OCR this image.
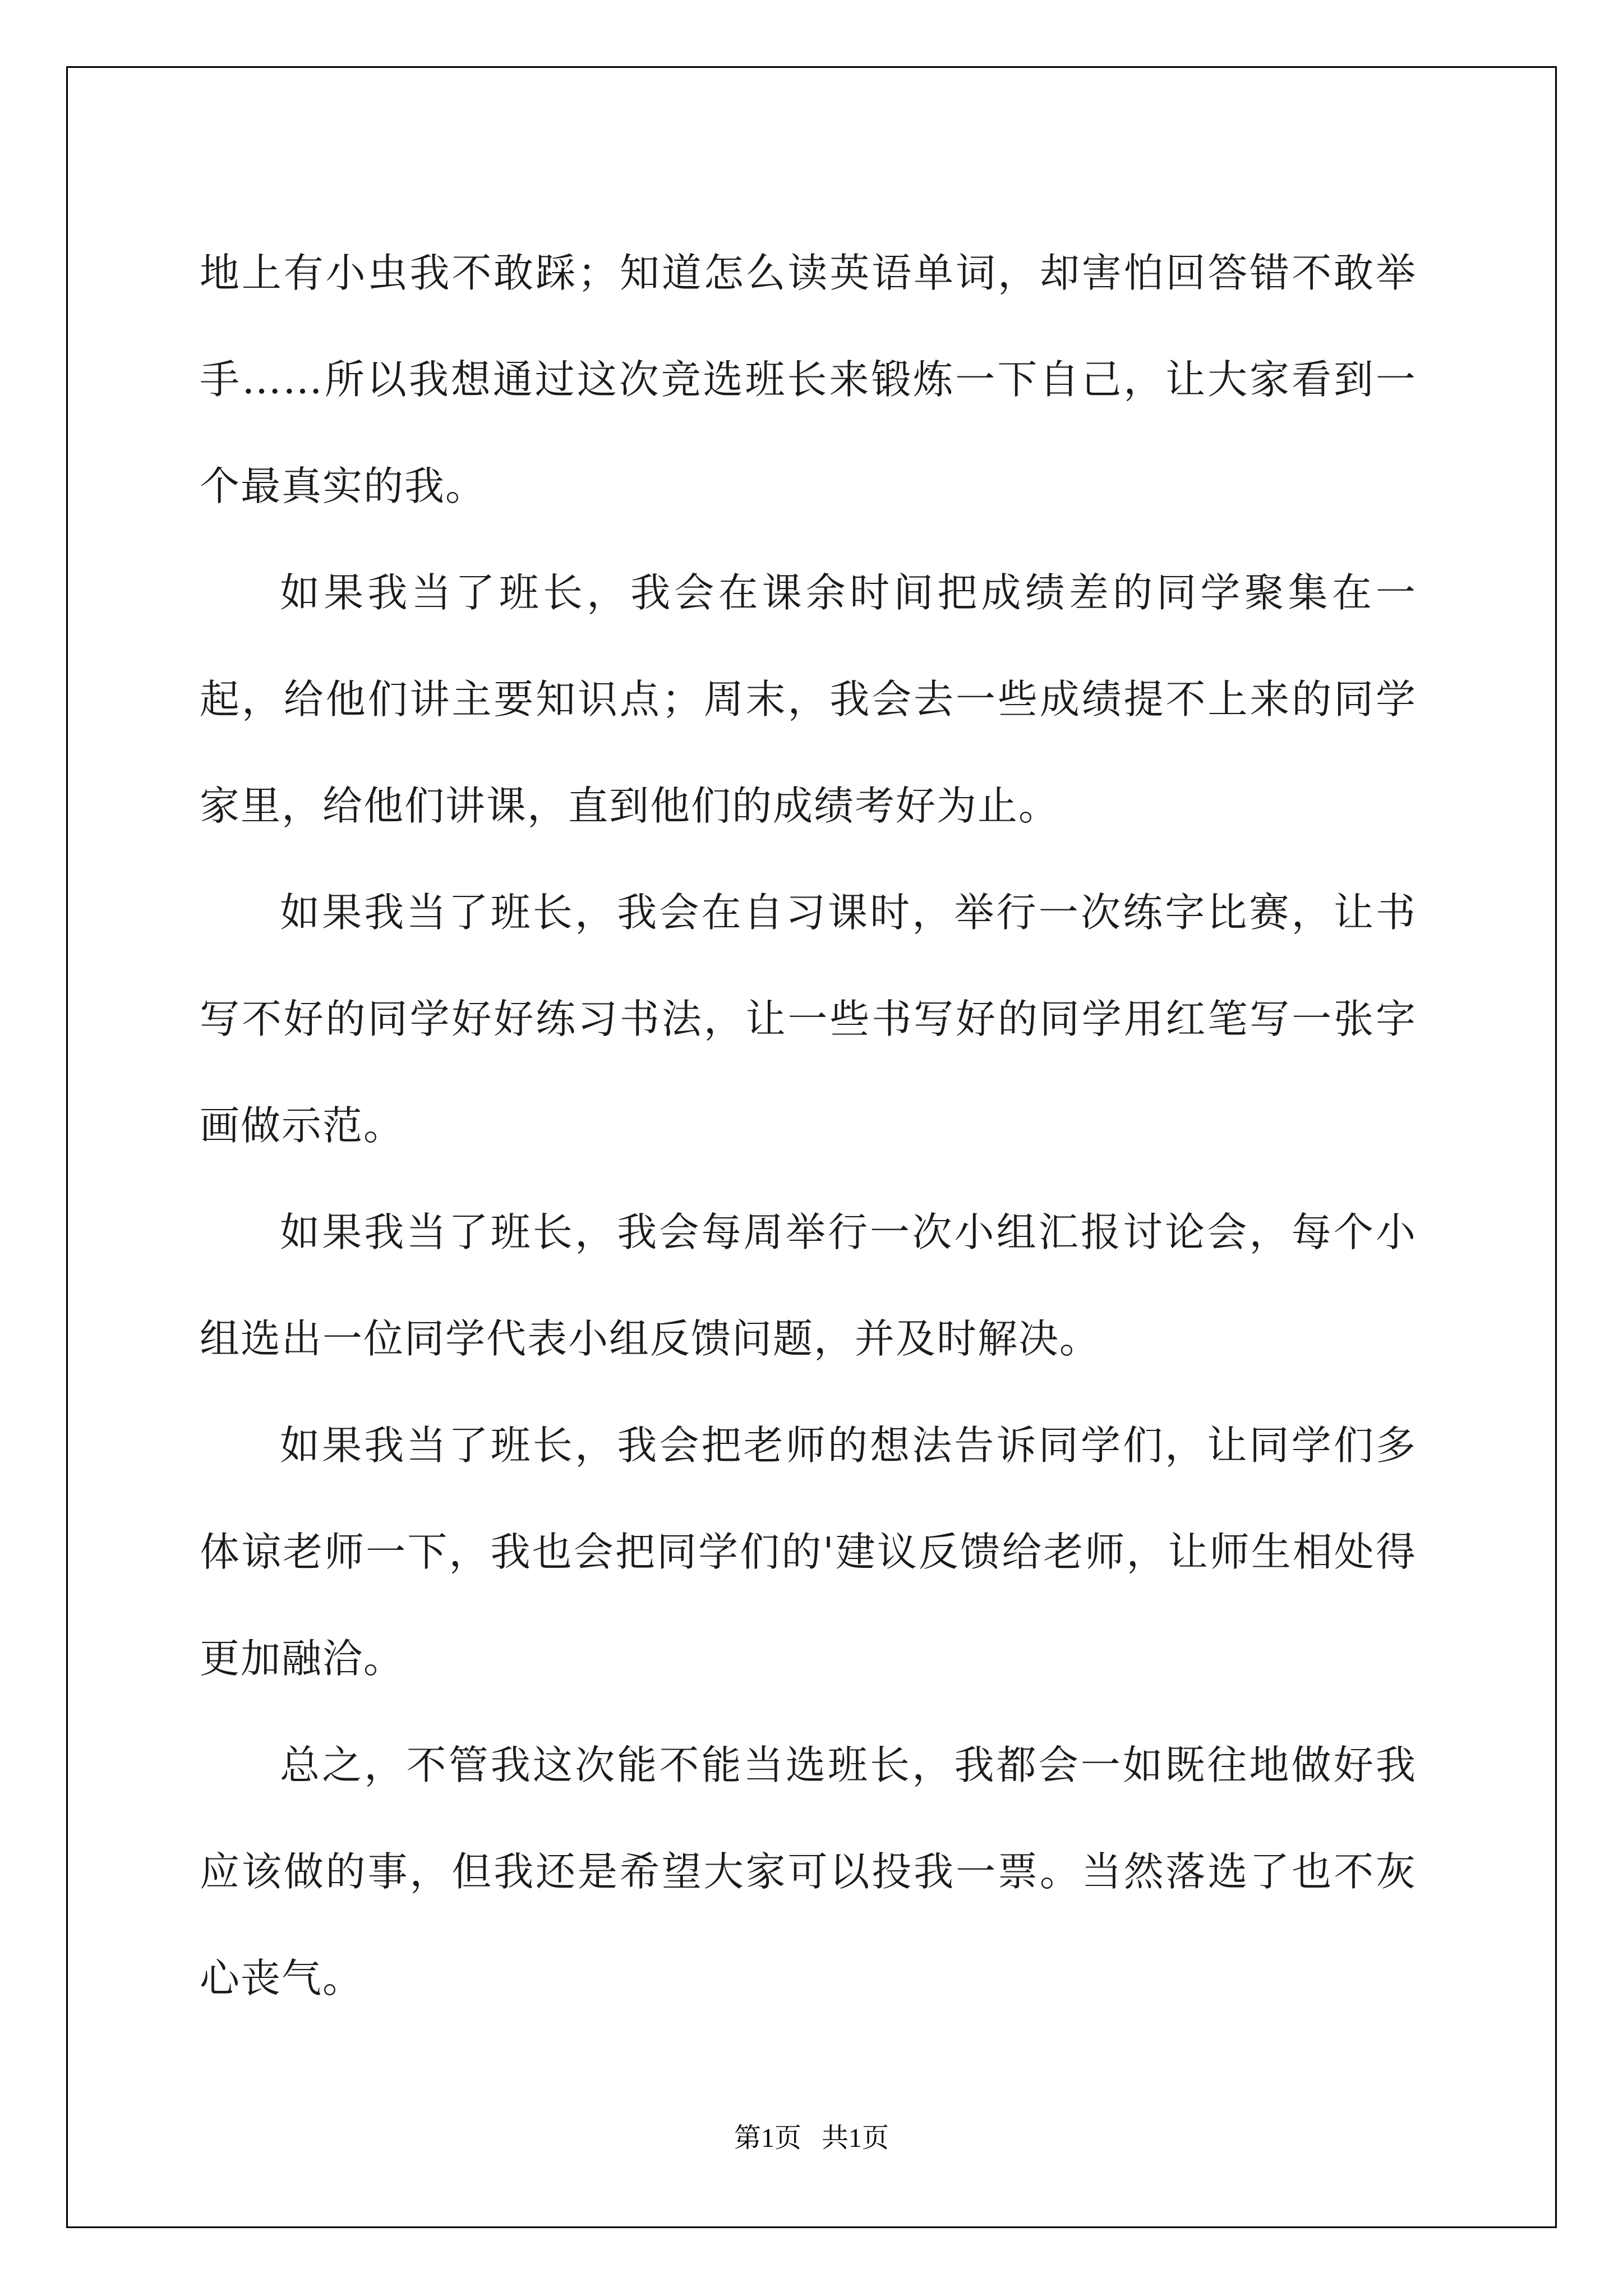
地上有小虫我不敢踩；知道怎么读英语单词，却害怕回答错不敢举手……所以我想通过这次竞选班长来锻炼一下自己，让大家看到一个最真实的我。

如果我当了班长，我会在课余时间把成绩差的同学聚集在一起，给他们讲主要知识点；周末，我会去一些成绩提不上来的同学家里，给他们讲课，直到他们的成绩考好为止。

如果我当了班长，我会在自习课时，举行一次练字比赛，让书写不好的同学好好练习书法，让一些书写好的同学用红笔写一张字画做示范。

如果我当了班长，我会每周举行一次小组汇报讨论会，每个小组选出一位同学代表小组反馈问题，并及时解决。

如果我当了班长，我会把老师的想法告诉同学们，让同学们多体谅老师一下，我也会把同学们的'建议反馈给老师，让师生相处得更加融洽。

总之，不管我这次能不能当选班长，我都会一如既往地做好我应该做的事，但我还是希望大家可以投我一票。当然落选了也不灰心丧气。

第1页   共1页
